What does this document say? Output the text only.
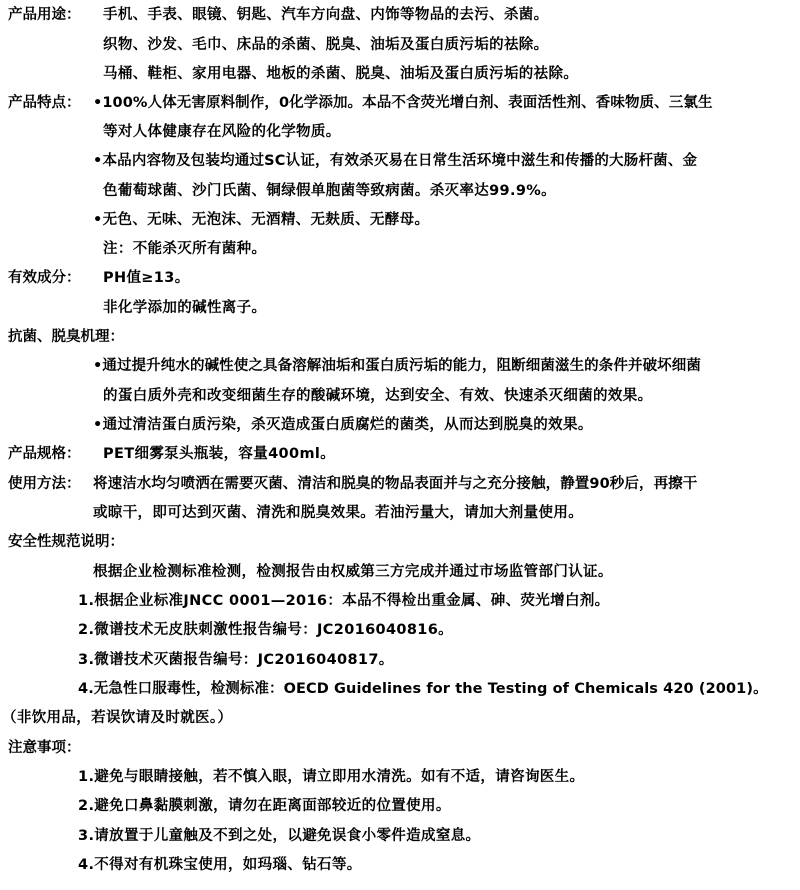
产品用途： 手机、手表、眼镜、钥匙、汽车方向盘、内饰等物品的去污、杀菌。
织物、沙发、毛巾、床品的杀菌、脱臭、油垢及蛋白质污垢的祛除。
马桶、鞋柜、家用电器、地板的杀菌、脱臭、油垢及蛋白质污垢的祛除。
产品特点： •100%人体无害原料制作，0化学添加。本品不含荧光增白剂、表面活性剂、香味物质、三氯生
等对人体健康存在风险的化学物质。
•本品内容物及包装均通过SC认证，有效杀灭易在日常生活环境中滋生和传播的大肠杆菌、金
色葡萄球菌、沙门氏菌、铜绿假单胞菌等致病菌。杀灭率达99.9%。
•无色、无味、无泡沫、无酒精、无麸质、无酵母。
注：不能杀灭所有菌种。
有效成分： PH值≥13。
非化学添加的碱性离子。
抗菌、脱臭机理：
•通过提升纯水的碱性使之具备溶解油垢和蛋白质污垢的能力，阻断细菌滋生的条件并破坏细菌
的蛋白质外壳和改变细菌生存的酸碱环境，达到安全、有效、快速杀灭细菌的效果。
•通过清洁蛋白质污染，杀灭造成蛋白质腐烂的菌类，从而达到脱臭的效果。
产品规格： PET细雾泵头瓶装，容量400ml。
使用方法： 将速洁水均匀喷洒在需要灭菌、清洁和脱臭的物品表面并与之充分接触，静置90秒后，再擦干
或晾干，即可达到灭菌、清洗和脱臭效果。若油污量大，请加大剂量使用。
安全性规范说明：
根据企业检测标准检测，检测报告由权威第三方完成并通过市场监管部门认证。
1.根据企业标准JNCC 0001—2016：本品不得检出重金属、砷、荧光增白剂。
2.微谱技术无皮肤刺激性报告编号：JC2016040816。
3.微谱技术灭菌报告编号：JC2016040817。
4.无急性口服毒性，检测标准：OECD Guidelines for the Testing of Chemicals 420 (2001)。
（非饮用品，若误饮请及时就医。）
注意事项：
1.避免与眼睛接触，若不慎入眼，请立即用水清洗。如有不适，请咨询医生。
2.避免口鼻黏膜刺激，请勿在距离面部较近的位置使用。
3.请放置于儿童触及不到之处，以避免误食小零件造成窒息。
4.不得对有机珠宝使用，如玛瑙、钻石等。
